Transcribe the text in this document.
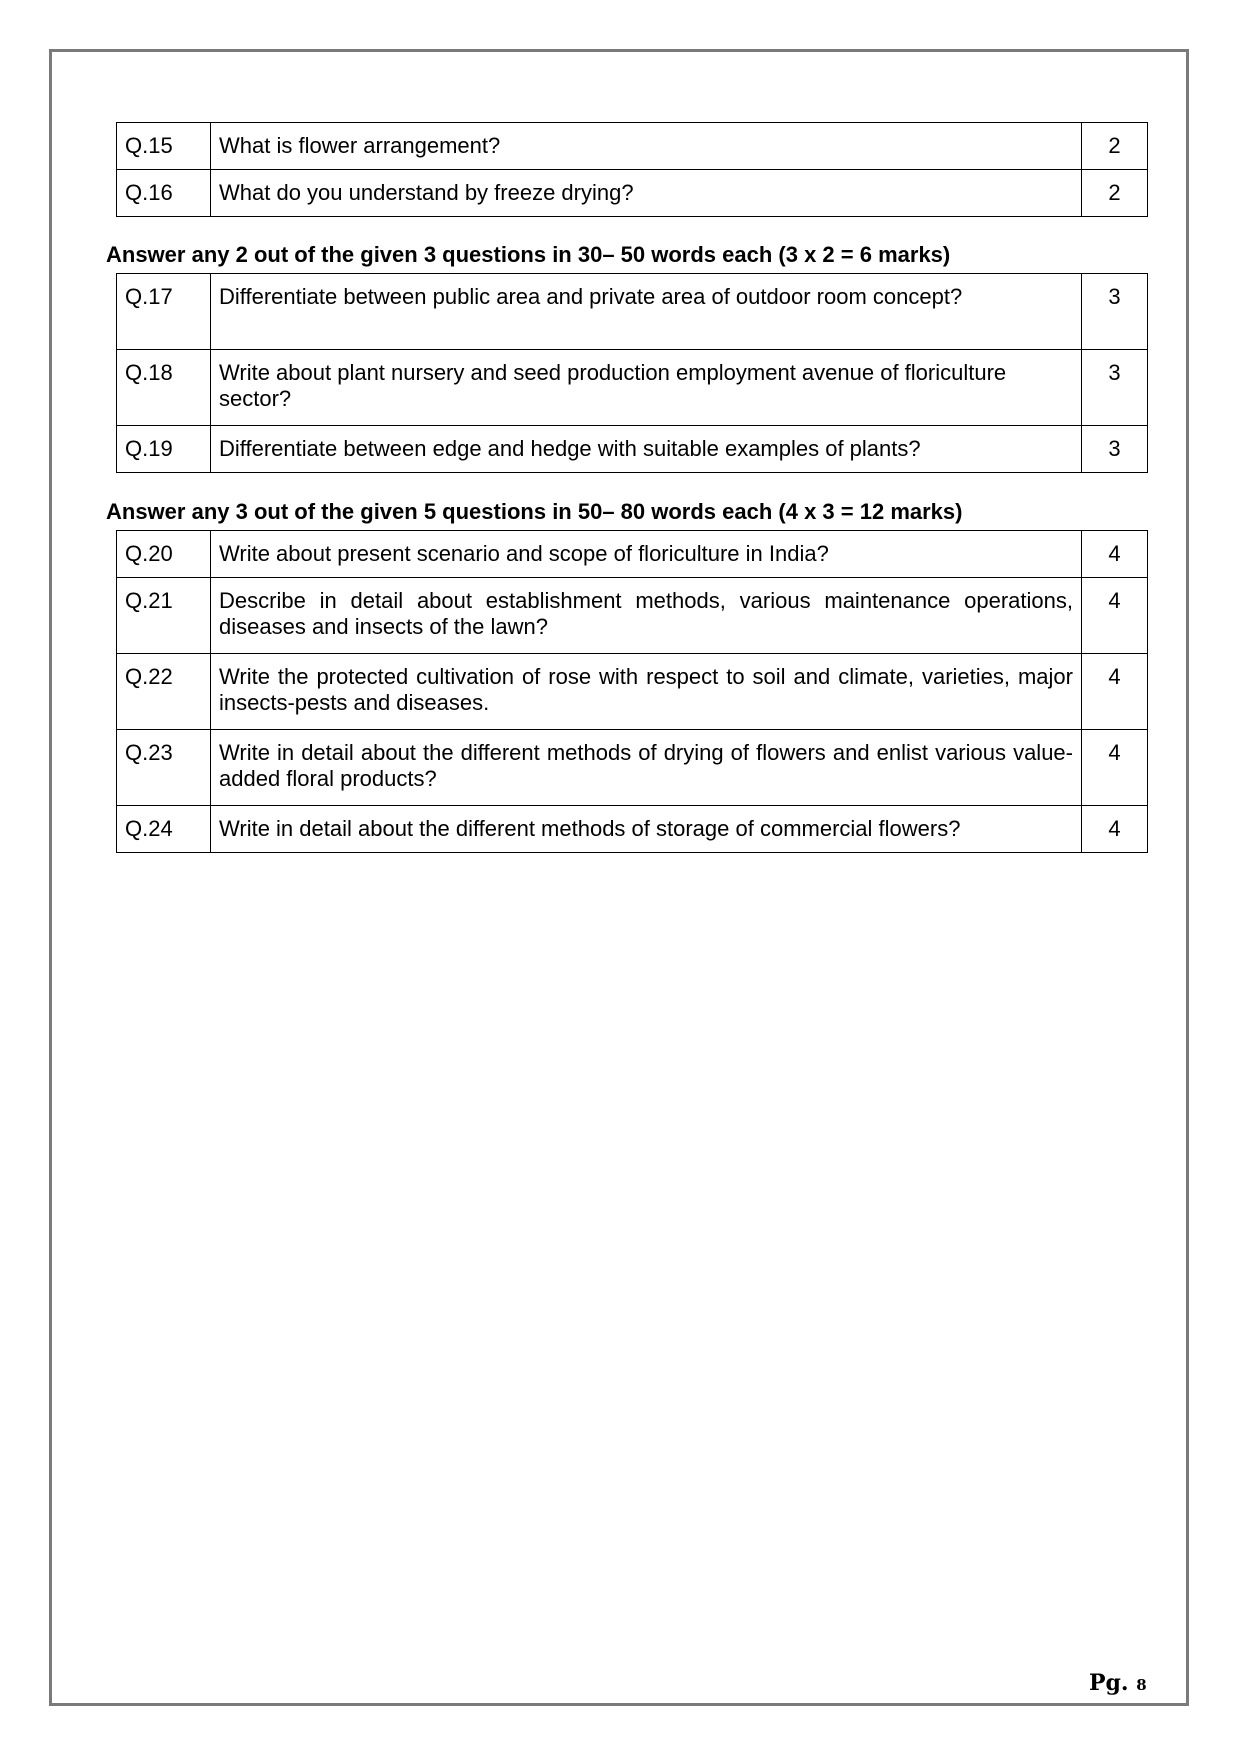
Q.15	What is flower arrangement?	2
Q.16	What do you understand by freeze drying?	2
Answer any 2 out of the given 3 questions in 30– 50 words each (3 x 2 = 6 marks)
Q.17	Differentiate between public area and private area of outdoor room concept?	3
Q.18	Write about plant nursery and seed production employment avenue of floriculture sector?	3
Q.19	Differentiate between edge and hedge with suitable examples of plants?	3
Answer any 3 out of the given 5 questions in 50– 80 words each (4 x 3 = 12 marks)
Q.20	Write about present scenario and scope of floriculture in India?	4
Q.21	Describe in detail about establishment methods, various maintenance operations, diseases and insects of the lawn?	4
Q.22	Write the protected cultivation of rose with respect to soil and climate, varieties, major insects-pests and diseases.	4
Q.23	Write in detail about the different methods of drying of flowers and enlist various value-added floral products?	4
Q.24	Write in detail about the different methods of storage of commercial flowers?	4
Pg. 8
